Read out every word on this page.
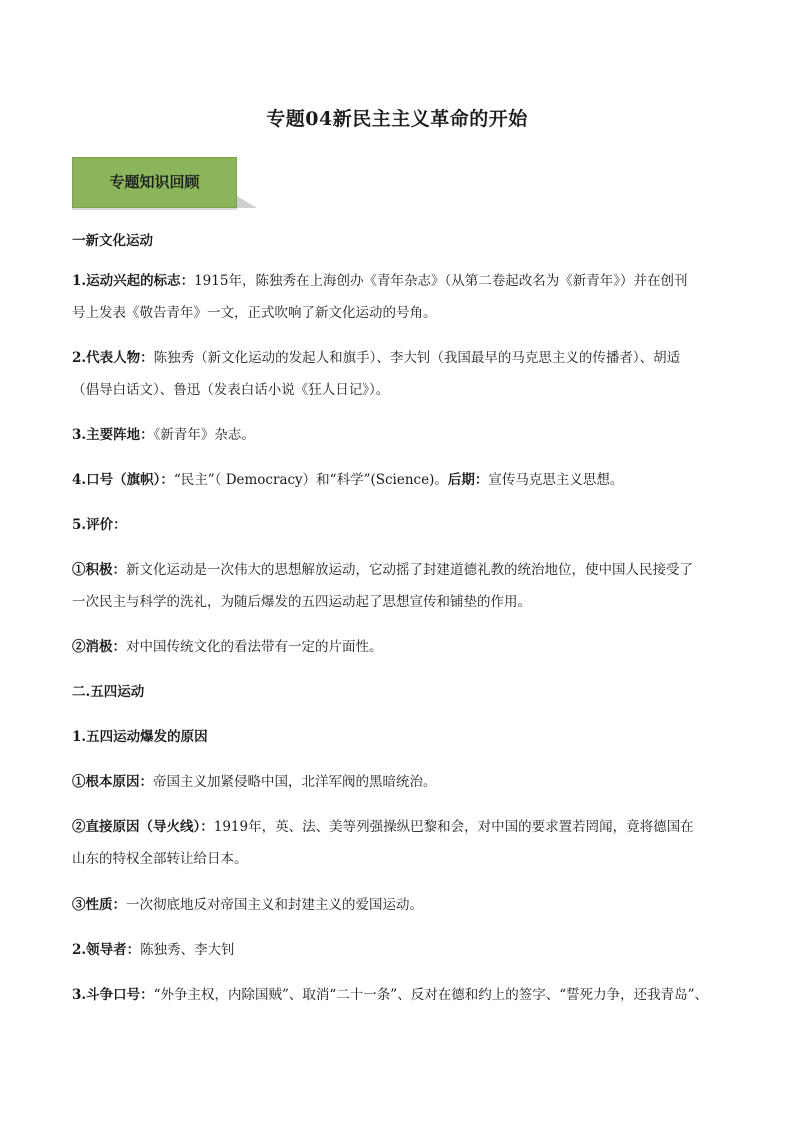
专题04新民主主义革命的开始
专题知识回顾
一新文化运动
1.运动兴起的标志：1915年，陈独秀在上海创办《青年杂志》（从第二卷起改名为《新青年》）并在创刊
号上发表《敬告青年》一文，正式吹响了新文化运动的号角。
2.代表人物：陈独秀（新文化运动的发起人和旗手）、李大钊（我国最早的马克思主义的传播者）、胡适
（倡导白话文）、鲁迅（发表白话小说《狂人日记》）。
3.主要阵地：《新青年》杂志。
4.口号（旗帜）：“民主”（ Democracy）和“科学”(Science)。后期：宣传马克思主义思想。
5.评价：
①积极：新文化运动是一次伟大的思想解放运动，它动摇了封建道德礼教的统治地位，使中国人民接受了
一次民主与科学的洗礼，为随后爆发的五四运动起了思想宣传和铺垫的作用。
②消极：对中国传统文化的看法带有一定的片面性。
二.五四运动
1.五四运动爆发的原因
①根本原因：帝国主义加紧侵略中国，北洋军阀的黑暗统治。
②直接原因（导火线）：1919年，英、法、美等列强操纵巴黎和会，对中国的要求置若罔闻，竟将德国在
山东的特权全部转让给日本。
③性质：一次彻底地反对帝国主义和封建主义的爱国运动。
2.领导者：陈独秀、李大钊
3.斗争口号：“外争主权，内除国贼”、取消“二十一条”、反对在德和约上的签字、“誓死力争，还我青岛”、
